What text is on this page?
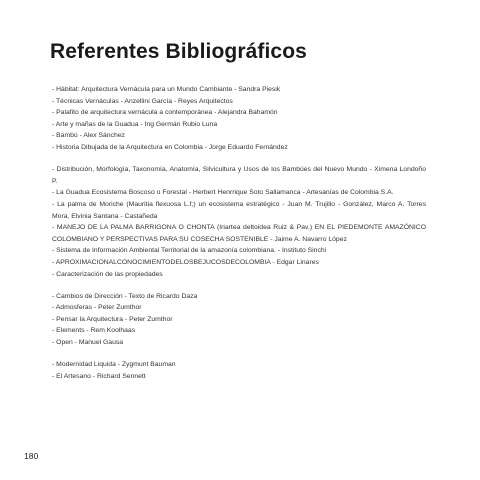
Referentes Bibliográficos
- Hábitat: Arquitectura Vernácula para un Mundo Cambiante - Sandra Piesik
- Técnicas Vernáculas - Anzellini García - Reyes Arquitectos
- Palafito de arquitectura vernácula a contemporánea - Alejandra Bahamón
- Arte y mañas de la Guadua - Ing Germán Rubio Luna
- Bambú - Alex Sánchez
- Historia Dibujada de la Arquitectura en Colombia - Jorge Eduardo Fernández
- Distribución, Morfología, Taxonomía, Anatomía, Silvicultura y Usos de los Bambúes del Nuevo Mundo - Ximena Londoño P.
- La Guadua Ecosistema Boscoso o Forestal - Herbert Henrrique Soto Sallamanca - Artesanías de Colombia S.A.
- La palma de Moriche (Mauritia flexuosa L.f;) un ecosistema estratégico - Juan M. Trujillo - González, Marco A. Torres Mora, Elvinia Santana - Castañeda
- MANEJO DE LA PALMA BARRIGONA O CHONTA (Iriartea deltoidea Ruiz & Pav.) EN EL PIEDEMONTE AMAZÓNICO COLOMBIANO Y PERSPECTIVAS PARA SU COSECHA SOSTENIBLE - Jaime A. Navarro López
- Sistema de Información Ambiental Territorial de la amazonía colombiana. - Instituto Sinchi
- APROXIMACIONALCONOCIMIENTODELOSBEJUCOSDECOLOMBIA - Edgar Linares
- Caracterización de las propiedades
- Cambios de Dirección - Texto de Ricardo Daza
- Admosferas - Peter Zumthor
- Pensar la Arquitectura - Peter Zumthor
- Elements - Rem Koolhaas
- Open - Manuel Gausa
- Modernidad Liquida - Zygmunt Bauman
- El Artesano - Richard Sennett
180
